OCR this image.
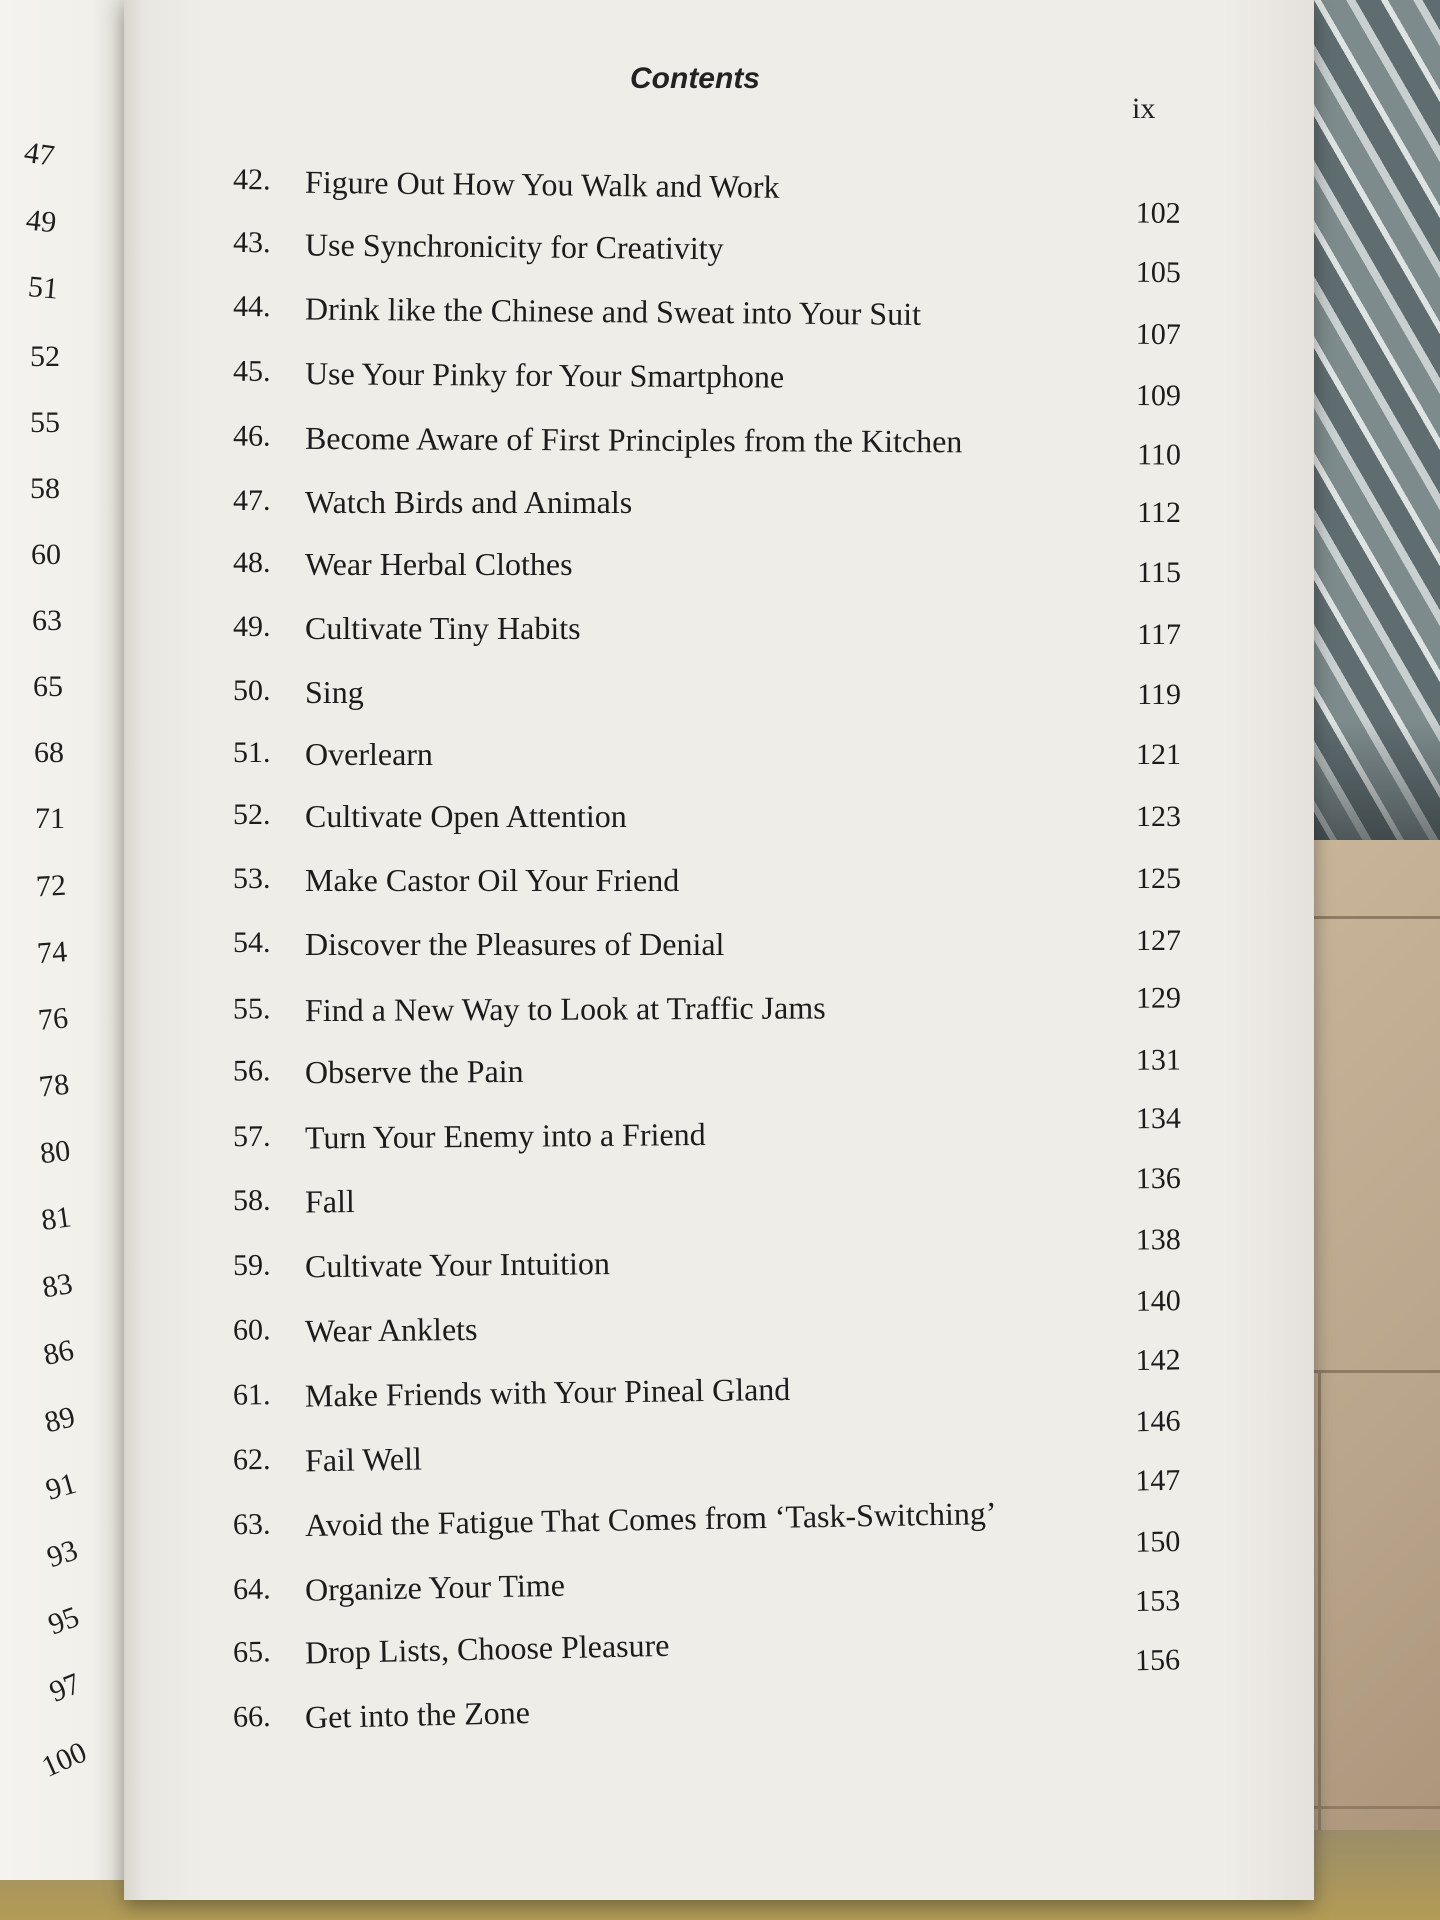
47
49
51
52
55
58
60
63
65
68
71
72
74
76
78
80
81
83
86
89
91
93
95
97
100
Contents
ix
42. Figure Out How You Walk and Work
102
43. Use Synchronicity for Creativity
105
44. Drink like the Chinese and Sweat into Your Suit
107
45. Use Your Pinky for Your Smartphone
109
46. Become Aware of First Principles from the Kitchen	110
47. Watch Birds and Animals	112
48. Wear Herbal Clothes	115
49. Cultivate Tiny Habits	117
50. Sing	119
51. Overlearn	121
52. Cultivate Open Attention	123
53. Make Castor Oil Your Friend	125
54. Discover the Pleasures of Denial	127
55. Find a New Way to Look at Traffic Jams	129
56. Observe the Pain	131
57. Turn Your Enemy into a Friend	134
58. Fall
136
59. Cultivate Your Intuition
138
60. Wear Anklets
140
61. Make Friends with Your Pineal Gland
142
62. Fail Well
146
63. Avoid the Fatigue That Comes from ‘Task-Switching’
147
64. Organize Your Time
150
65. Drop Lists, Choose Pleasure
153
66. Get into the Zone
156
